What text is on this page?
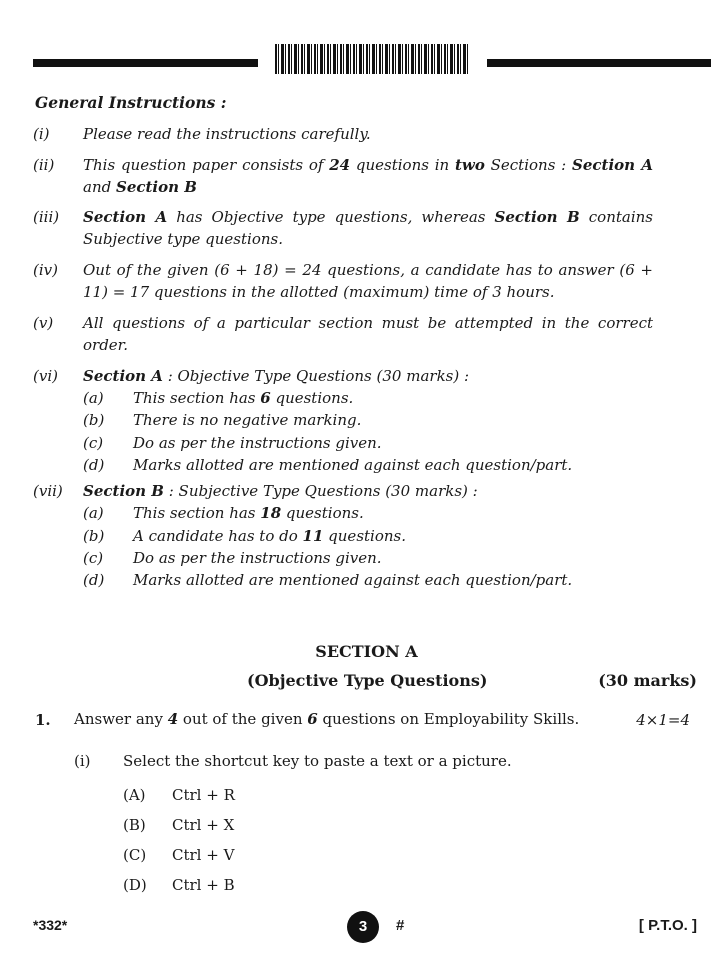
General Instructions :
(i) Please read the instructions carefully.
(ii) This question paper consists of 24 questions in two Sections : Section A and Section B
(iii) Section A has Objective type questions, whereas Section B contains Subjective type questions.
(iv) Out of the given (6 + 18) = 24 questions, a candidate has to answer (6 + 11) = 17 questions in the allotted (maximum) time of 3 hours.
(v) All questions of a particular section must be attempted in the correct order.
(vi) Section A : Objective Type Questions (30 marks) :
(a) This section has 6 questions.
(b) There is no negative marking.
(c) Do as per the instructions given.
(d) Marks allotted are mentioned against each question/part.
(vii) Section B : Subjective Type Questions (30 marks) :
(a) This section has 18 questions.
(b) A candidate has to do 11 questions.
(c) Do as per the instructions given.
(d) Marks allotted are mentioned against each question/part.
SECTION A
(Objective Type Questions)	(30 marks)
1. Answer any 4 out of the given 6 questions on Employability Skills.	4×1=4
(i) Select the shortcut key to paste a text or a picture.
(A) Ctrl + R
(B) Ctrl + X
(C) Ctrl + V
(D) Ctrl + B
*332*	3	#	[ P.T.O. ]
